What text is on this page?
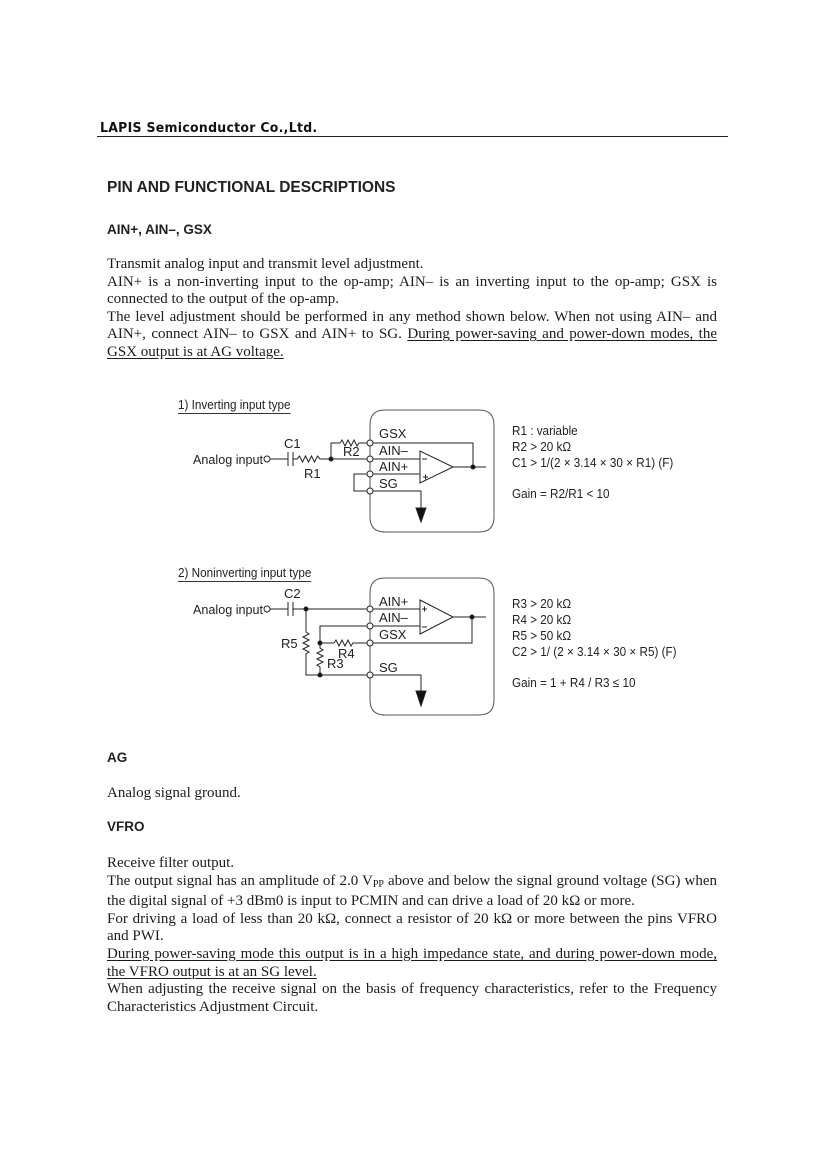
LAPIS Semiconductor Co.,Ltd.
PIN AND FUNCTIONAL DESCRIPTIONS
AIN+, AIN–, GSX

Transmit analog input and transmit level adjustment.

AIN+ is a non-inverting input to the op-amp; AIN– is an inverting input to the op-amp; GSX is connected to the output of the op-amp.

The level adjustment should be performed in any method shown below. When not using AIN– and AIN+, connect AIN– to GSX and AIN+ to SG. During power-saving and power-down modes, the GSX output is at AG voltage.

1) Inverting input type
Analog input
C1
R1
R2
GSX
AIN–
AIN+
SG
Analog input
C2
R5
R4
R3
AIN+
AIN–
GSX
SG
R1 : variable
R2 > 20 kΩ
C1 > 1/(2 × 3.14 × 30 × R1) (F)
Gain = R2/R1 < 10
2) Noninverting input type
R3 > 20 kΩ
R4 > 20 kΩ
R5 > 50 kΩ
C2 > 1/ (2 × 3.14 × 30 × R5) (F)
Gain = 1 + R4 / R3 ≤ 10
AG

Analog signal ground.

VFRO

Receive filter output.

The output signal has an amplitude of 2.0 $V_{PP}$ above and below the signal ground voltage (SG) when the digital signal of +3 dBm0 is input to PCMIN and can drive a load of 20 kΩ or more.

For driving a load of less than 20 kΩ, connect a resistor of 20 kΩ or more between the pins VFRO and PWI.

During power-saving mode this output is in a high impedance state, and during power-down mode, the VFRO output is at an SG level.

When adjusting the receive signal on the basis of frequency characteristics, refer to the Frequency Characteristics Adjustment Circuit.
